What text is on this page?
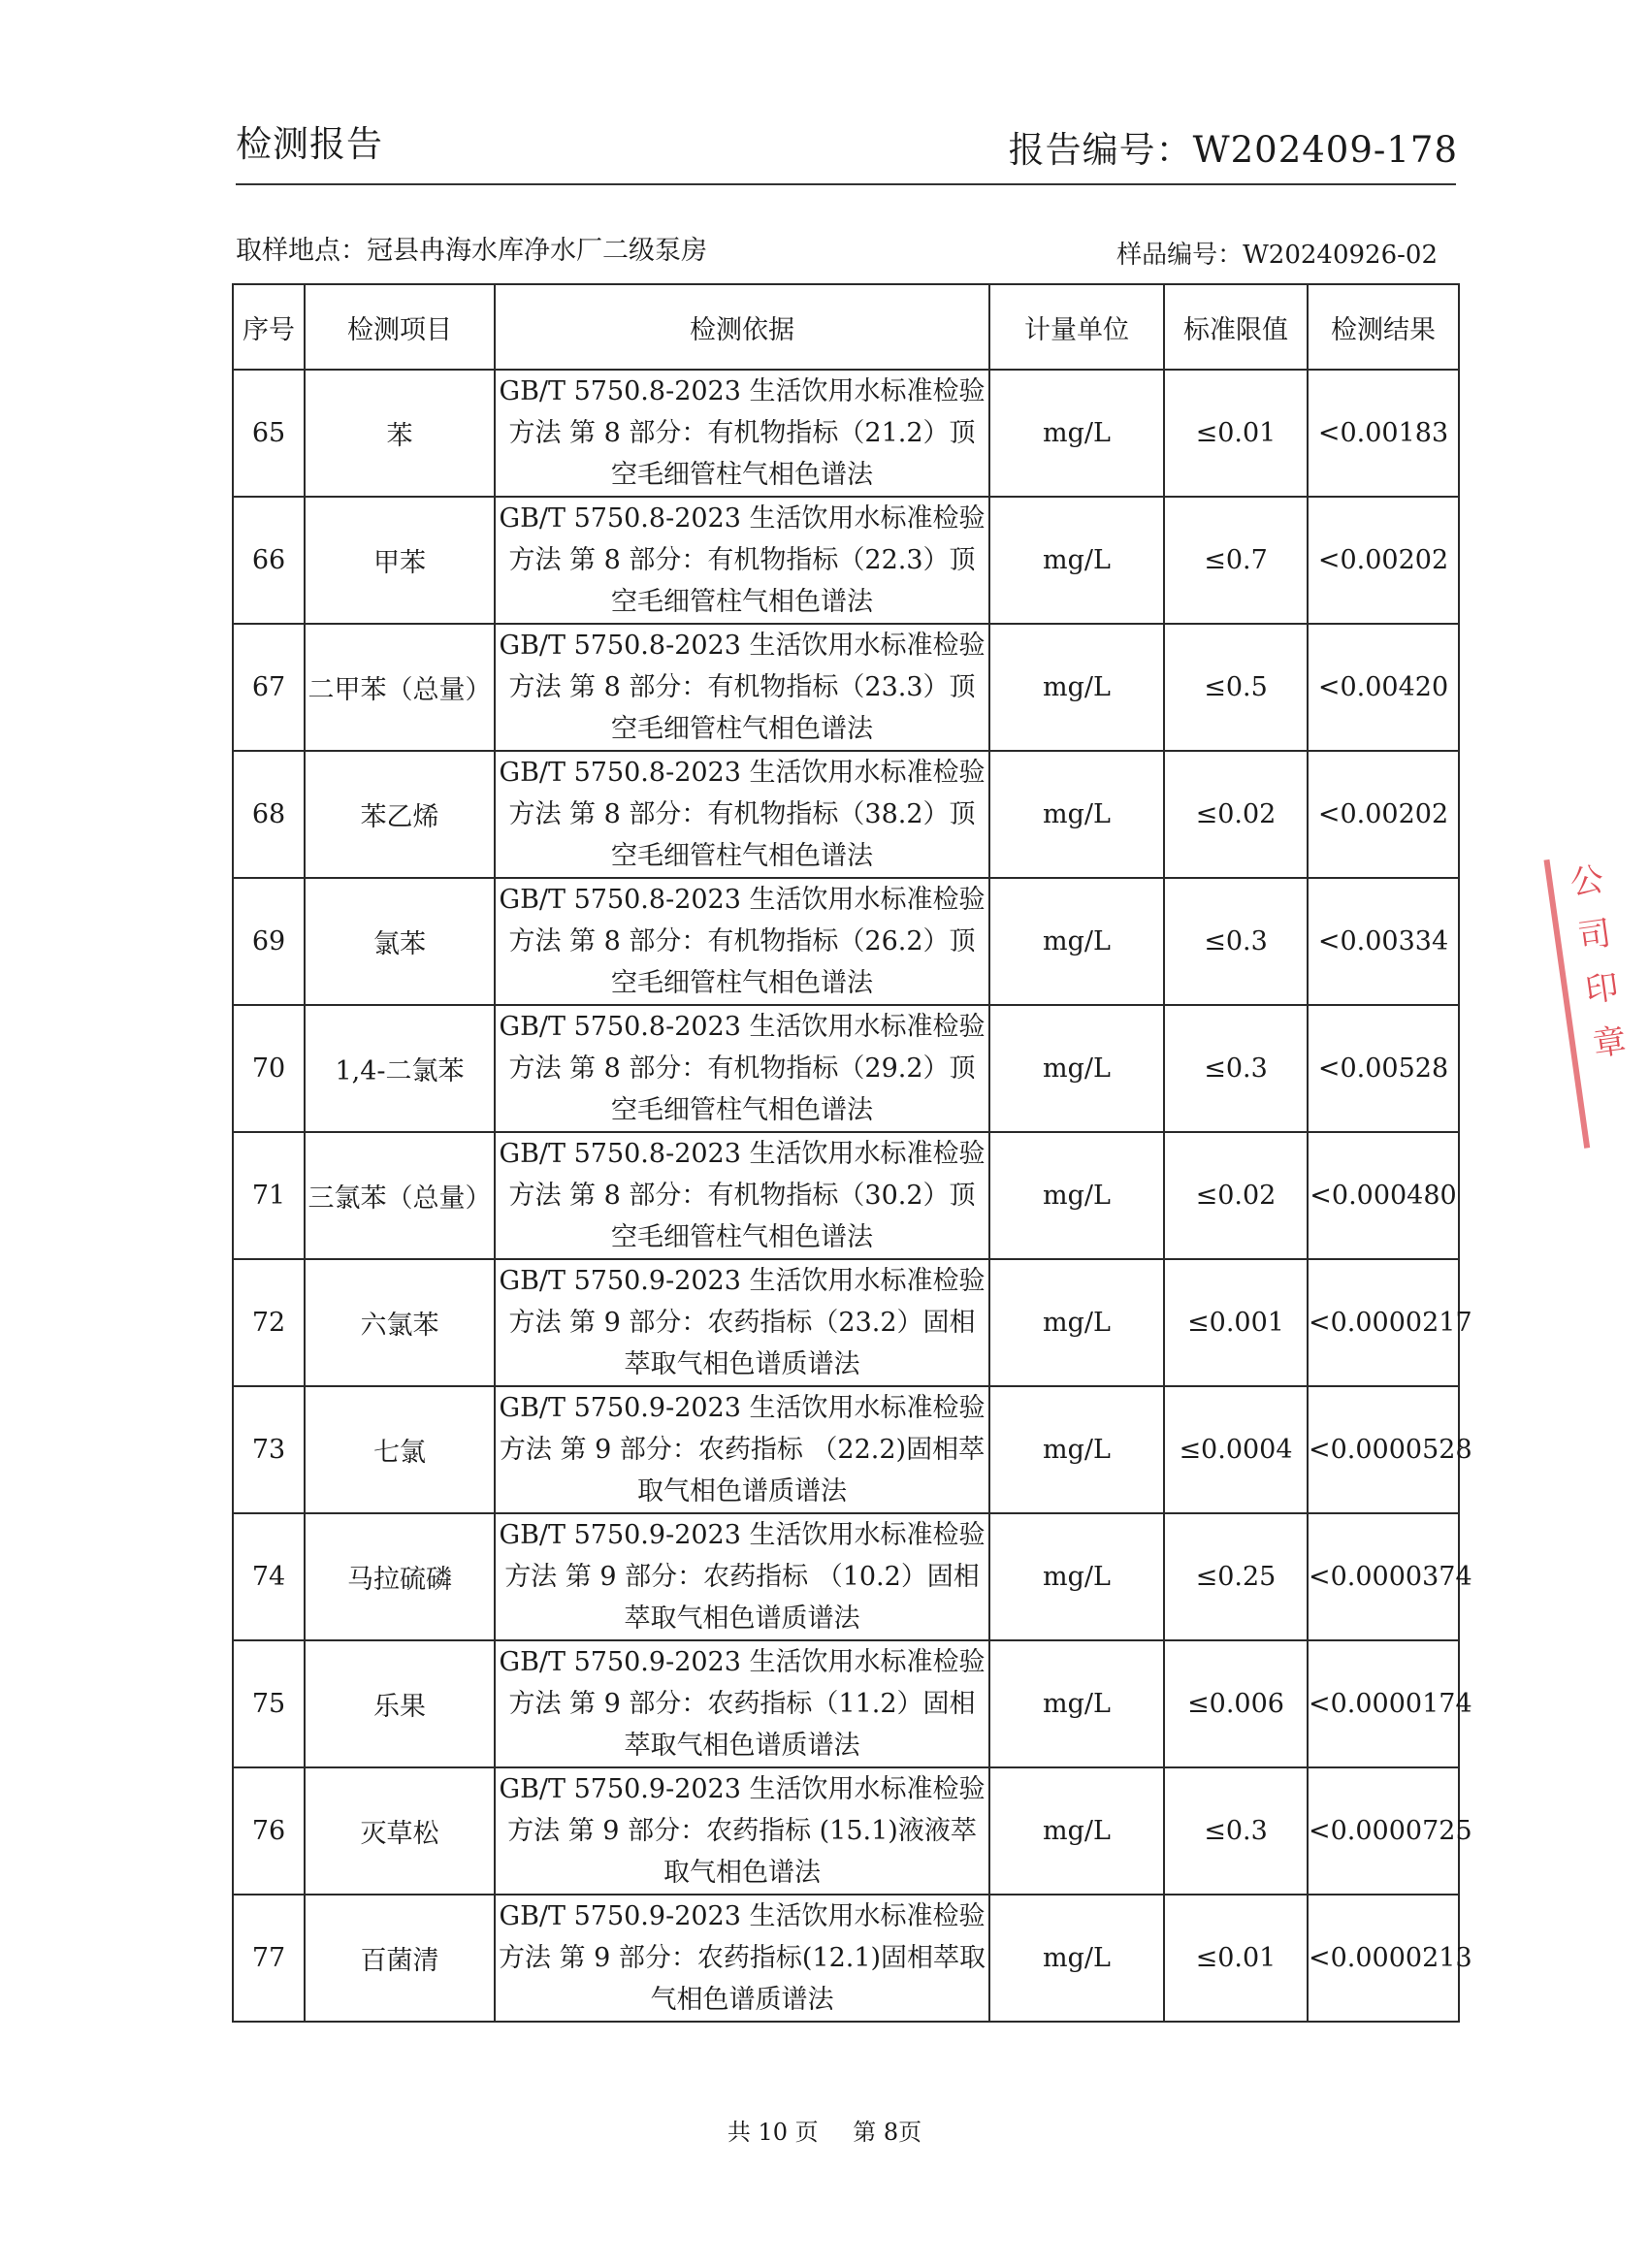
检测报告	报告编号：W202409-178
取样地点：冠县冉海水库净水厂二级泵房	样品编号：W20240926-02
序号	检测项目	检测依据	计量单位	标准限值	检测结果
65	苯	GB/T 5750.8-2023 生活饮用水标准检验方法 第 8 部分：有机物指标（21.2）顶空毛细管柱气相色谱法	mg/L	≤0.01	<0.00183
66	甲苯	GB/T 5750.8-2023 生活饮用水标准检验方法 第 8 部分：有机物指标（22.3）顶空毛细管柱气相色谱法	mg/L	≤0.7	<0.00202
67	二甲苯（总量）	GB/T 5750.8-2023 生活饮用水标准检验方法 第 8 部分：有机物指标（23.3）顶空毛细管柱气相色谱法	mg/L	≤0.5	<0.00420
68	苯乙烯	GB/T 5750.8-2023 生活饮用水标准检验方法 第 8 部分：有机物指标（38.2）顶空毛细管柱气相色谱法	mg/L	≤0.02	<0.00202
69	氯苯	GB/T 5750.8-2023 生活饮用水标准检验方法 第 8 部分：有机物指标（26.2）顶空毛细管柱气相色谱法	mg/L	≤0.3	<0.00334
70	1,4-二氯苯	GB/T 5750.8-2023 生活饮用水标准检验方法 第 8 部分：有机物指标（29.2）顶空毛细管柱气相色谱法	mg/L	≤0.3	<0.00528
71	三氯苯（总量）	GB/T 5750.8-2023 生活饮用水标准检验方法 第 8 部分：有机物指标（30.2）顶空毛细管柱气相色谱法	mg/L	≤0.02	<0.000480
72	六氯苯	GB/T 5750.9-2023 生活饮用水标准检验方法 第 9 部分：农药指标（23.2）固相萃取气相色谱质谱法	mg/L	≤0.001	<0.0000217
73	七氯	GB/T 5750.9-2023 生活饮用水标准检验方法 第 9 部分：农药指标 （22.2)固相萃取气相色谱质谱法	mg/L	≤0.0004	<0.0000528
74	马拉硫磷	GB/T 5750.9-2023 生活饮用水标准检验方法 第 9 部分：农药指标 （10.2）固相萃取气相色谱质谱法	mg/L	≤0.25	<0.0000374
75	乐果	GB/T 5750.9-2023 生活饮用水标准检验方法 第 9 部分：农药指标（11.2）固相萃取气相色谱质谱法	mg/L	≤0.006	<0.0000174
76	灭草松	GB/T 5750.9-2023 生活饮用水标准检验方法 第 9 部分：农药指标 (15.1)液液萃取气相色谱法	mg/L	≤0.3	<0.0000725
77	百菌清	GB/T 5750.9-2023 生活饮用水标准检验方法 第 9 部分：农药指标(12.1)固相萃取气相色谱质谱法	mg/L	≤0.01	<0.0000213
共 10 页 第 8页
公
司
印
章
